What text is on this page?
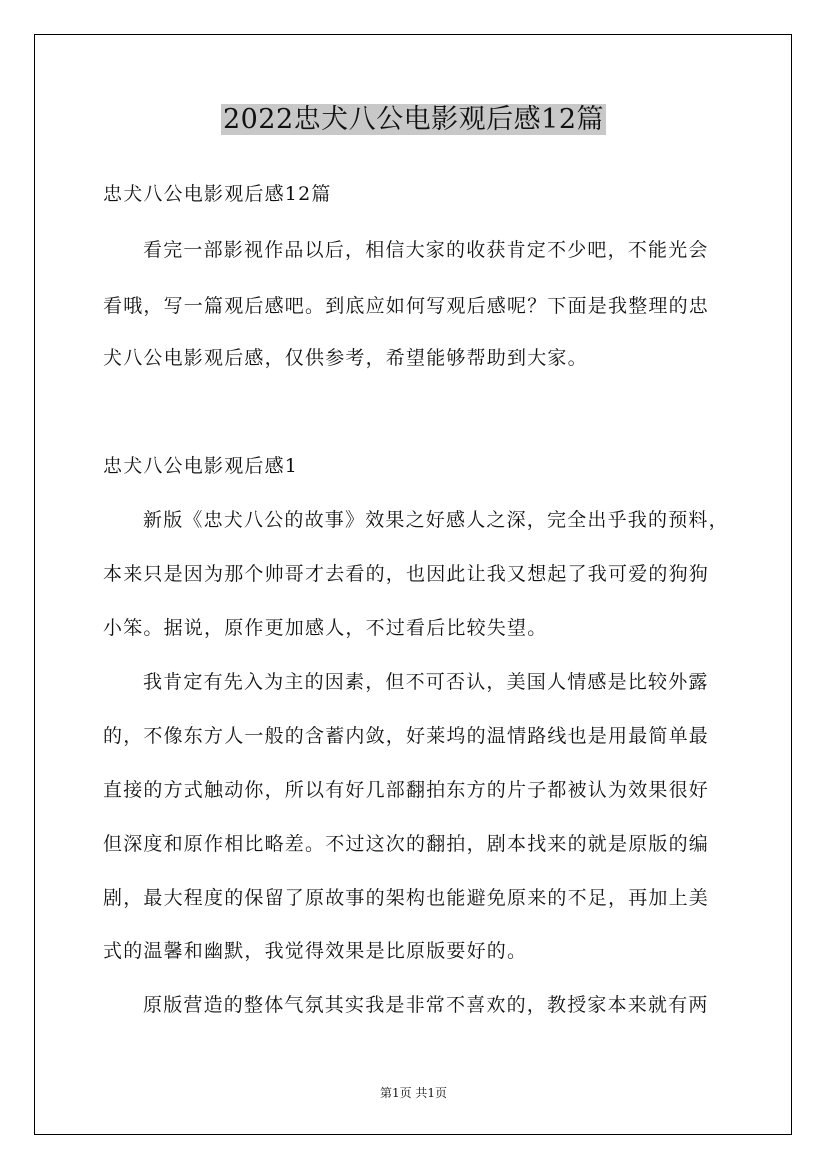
2022忠犬八公电影观后感12篇
忠犬八公电影观后感12篇
看完一部影视作品以后，相信大家的收获肯定不少吧，不能光会
看哦，写一篇观后感吧。到底应如何写观后感呢？下面是我整理的忠
犬八公电影观后感，仅供参考，希望能够帮助到大家。
忠犬八公电影观后感1
新版《忠犬八公的故事》效果之好感人之深，完全出乎我的预料，
本来只是因为那个帅哥才去看的，也因此让我又想起了我可爱的狗狗
小笨。据说，原作更加感人，不过看后比较失望。
我肯定有先入为主的因素，但不可否认，美国人情感是比较外露
的，不像东方人一般的含蓄内敛，好莱坞的温情路线也是用最简单最
直接的方式触动你，所以有好几部翻拍东方的片子都被认为效果很好
但深度和原作相比略差。不过这次的翻拍，剧本找来的就是原版的编
剧，最大程度的保留了原故事的架构也能避免原来的不足，再加上美
式的温馨和幽默，我觉得效果是比原版要好的。
原版营造的整体气氛其实我是非常不喜欢的，教授家本来就有两
第1页 共1页
